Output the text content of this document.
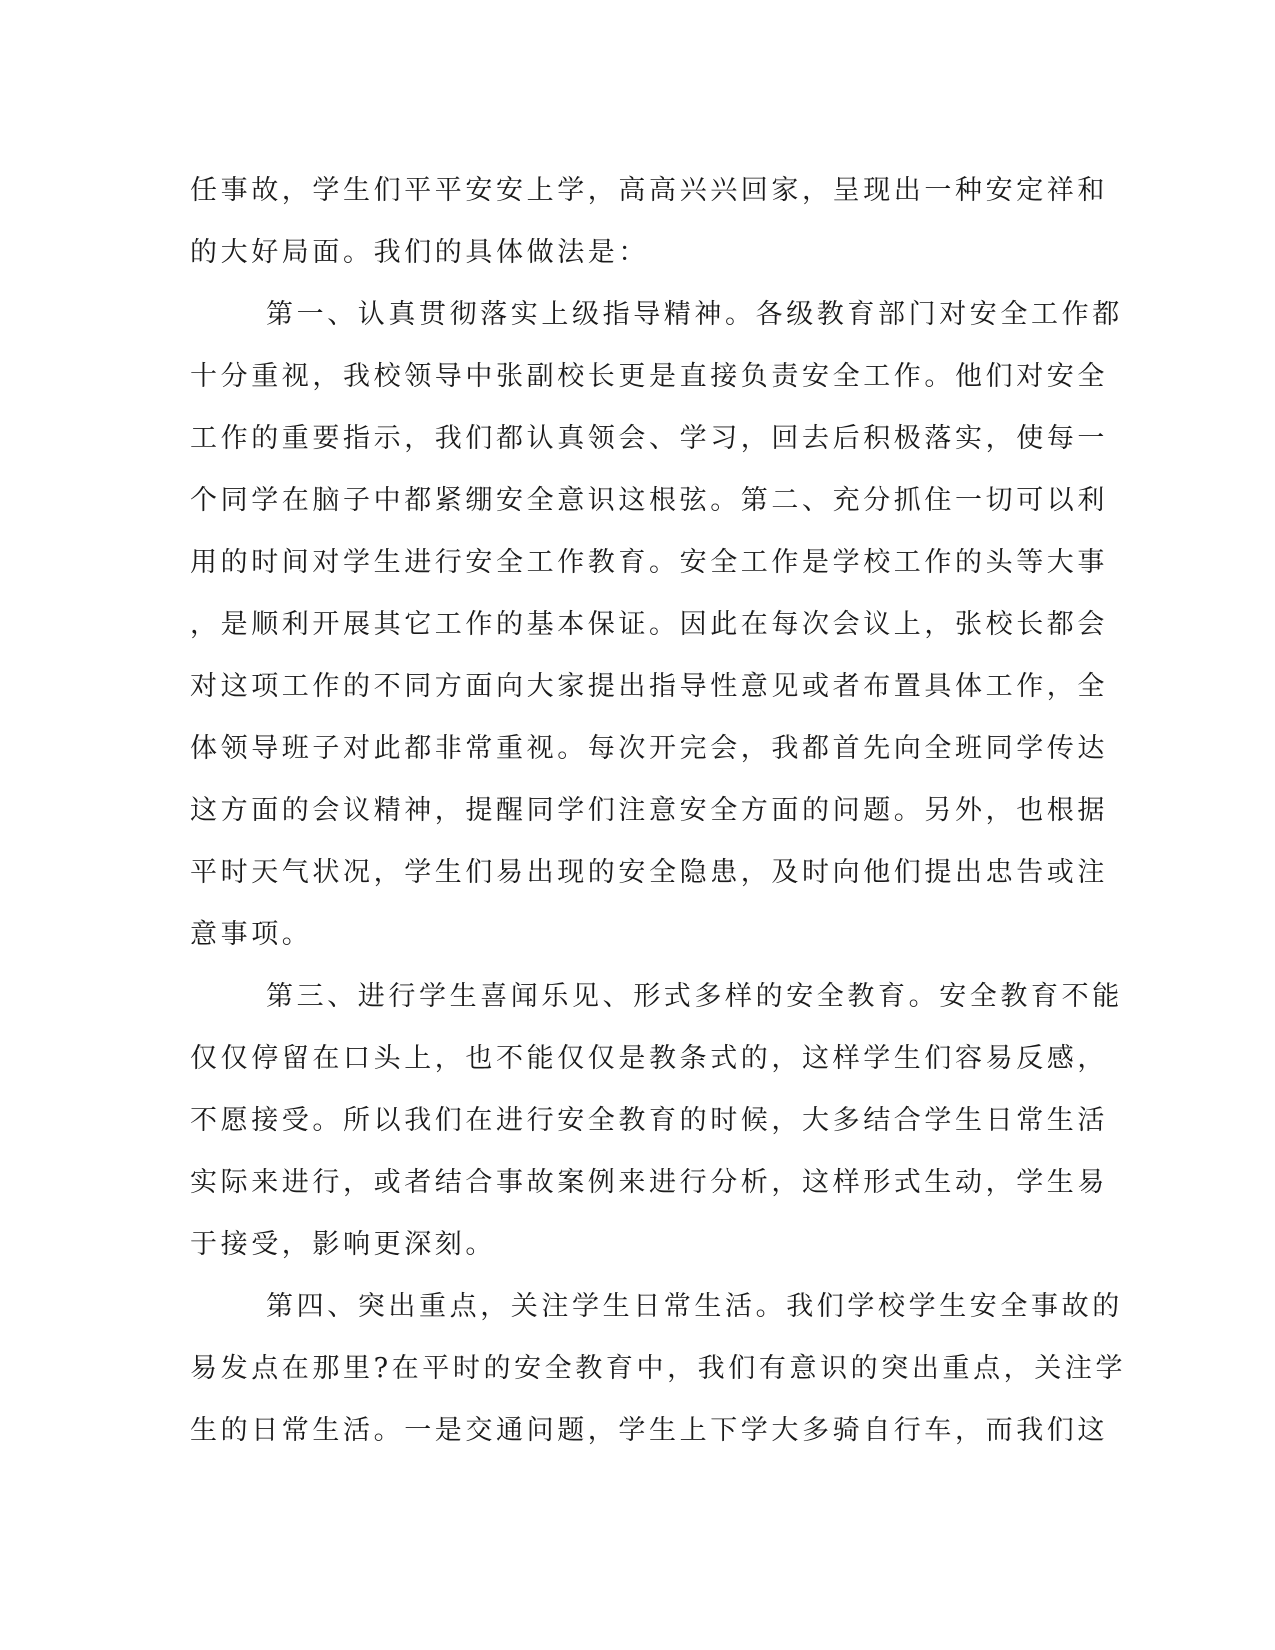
任事故，学生们平平安安上学，高高兴兴回家，呈现出一种安定祥和
的大好局面。我们的具体做法是：
第一、认真贯彻落实上级指导精神。各级教育部门对安全工作都
十分重视，我校领导中张副校长更是直接负责安全工作。他们对安全
工作的重要指示，我们都认真领会、学习，回去后积极落实，使每一
个同学在脑子中都紧绷安全意识这根弦。第二、充分抓住一切可以利
用的时间对学生进行安全工作教育。安全工作是学校工作的头等大事
，是顺利开展其它工作的基本保证。因此在每次会议上，张校长都会
对这项工作的不同方面向大家提出指导性意见或者布置具体工作，全
体领导班子对此都非常重视。每次开完会，我都首先向全班同学传达
这方面的会议精神，提醒同学们注意安全方面的问题。另外，也根据
平时天气状况，学生们易出现的安全隐患，及时向他们提出忠告或注
意事项。
第三、进行学生喜闻乐见、形式多样的安全教育。安全教育不能
仅仅停留在口头上，也不能仅仅是教条式的，这样学生们容易反感，
不愿接受。所以我们在进行安全教育的时候，大多结合学生日常生活
实际来进行，或者结合事故案例来进行分析，这样形式生动，学生易
于接受，影响更深刻。
第四、突出重点，关注学生日常生活。我们学校学生安全事故的
易发点在那里?在平时的安全教育中，我们有意识的突出重点，关注学
生的日常生活。一是交通问题，学生上下学大多骑自行车，而我们这
